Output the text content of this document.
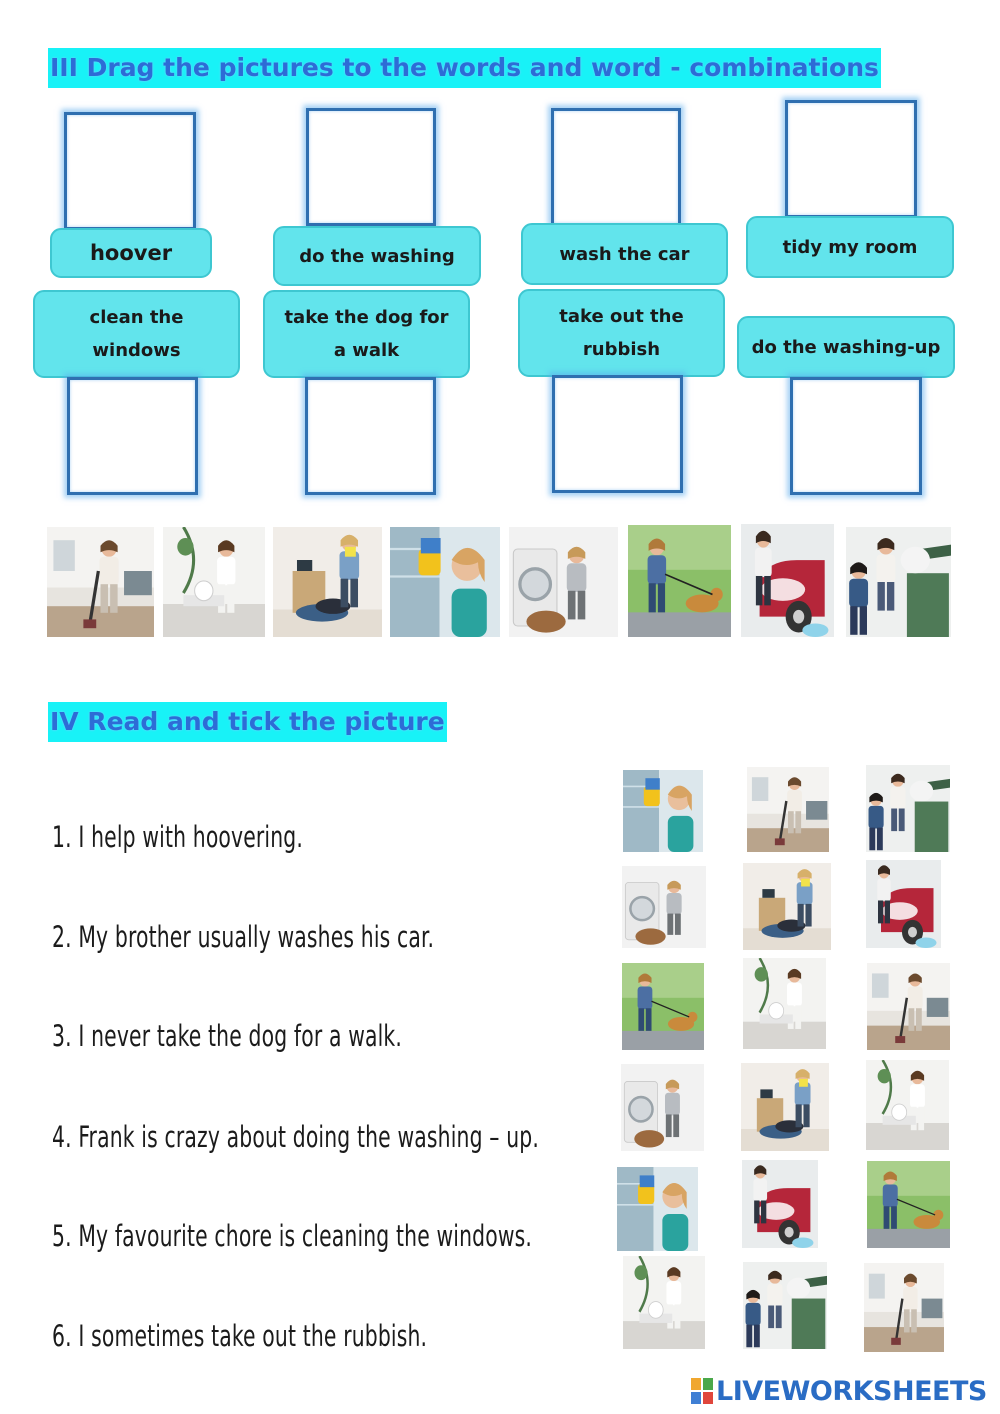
III Drag the pictures to the words and word - combinations
hoover	do the washing	wash the car	tidy my room
clean the windows
take the dog for a walk
take out the rubbish	do the washing-up
IV Read and tick the picture
1. I help with hoovering.
2. My brother usually washes his car.
3. I never take the dog for a walk.
4. Frank is crazy about doing the washing – up.
5. My favourite chore is cleaning the windows.
6. I sometimes take out the rubbish.
LIVEWORKSHEETS
